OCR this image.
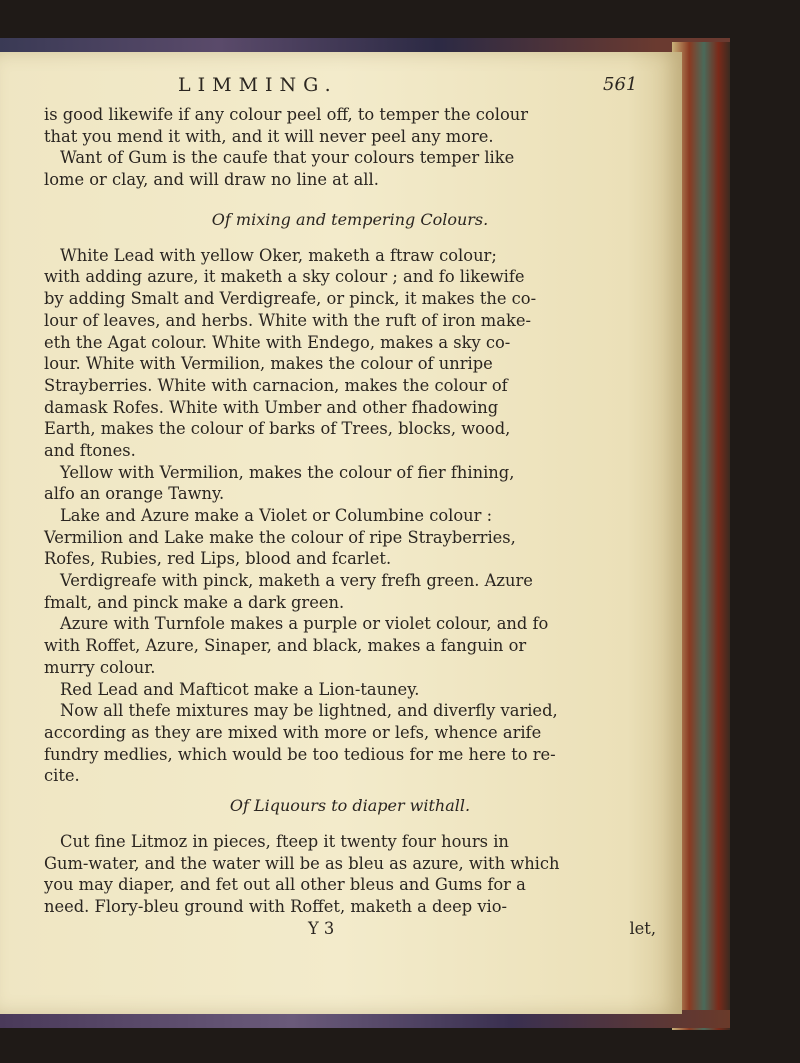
LIMMING.	561
is good likewife if any colour peel off, to temper the colour
that you mend it with, and it will never peel any more.
Want of Gum is the caufe that your colours temper like
lome or clay, and will draw no line at all.
Of mixing and tempering Colours.
White Lead with yellow Oker, maketh a ftraw colour;
with adding azure, it maketh a sky colour ; and fo likewife
by adding Smalt and Verdigreafe, or pinck, it makes the co-
lour of leaves, and herbs. White with the ruft of iron make-
eth the Agat colour. White with Endego, makes a sky co-
lour. White with Vermilion, makes the colour of unripe
Strayberries. White with carnacion, makes the colour of
damask Rofes. White with Umber and other fhadowing
Earth, makes the colour of barks of Trees, blocks, wood,
and ftones.
Yellow with Vermilion, makes the colour of fier fhining,
alfo an orange Tawny.
Lake and Azure make a Violet or Columbine colour :
Vermilion and Lake make the colour of ripe Strayberries,
Rofes, Rubies, red Lips, blood and fcarlet.
Verdigreafe with pinck, maketh a very frefh green. Azure
fmalt, and pinck make a dark green.
Azure with Turnfole makes a purple or violet colour, and fo
with Roffet, Azure, Sinaper, and black, makes a fanguin or
murry colour.
Red Lead and Mafticot make a Lion-tauney.
Now all thefe mixtures may be lightned, and diverfly varied,
according as they are mixed with more or lefs, whence arife
fundry medlies, which would be too tedious for me here to re-
cite.
Of Liquours to diaper withall.
Cut fine Litmoz in pieces, fteep it twenty four hours in
Gum-water, and the water will be as bleu as azure, with which
you may diaper, and fet out all other bleus and Gums for a
need. Flory-bleu ground with Roffet, maketh a deep vio-
Y 3	let,
